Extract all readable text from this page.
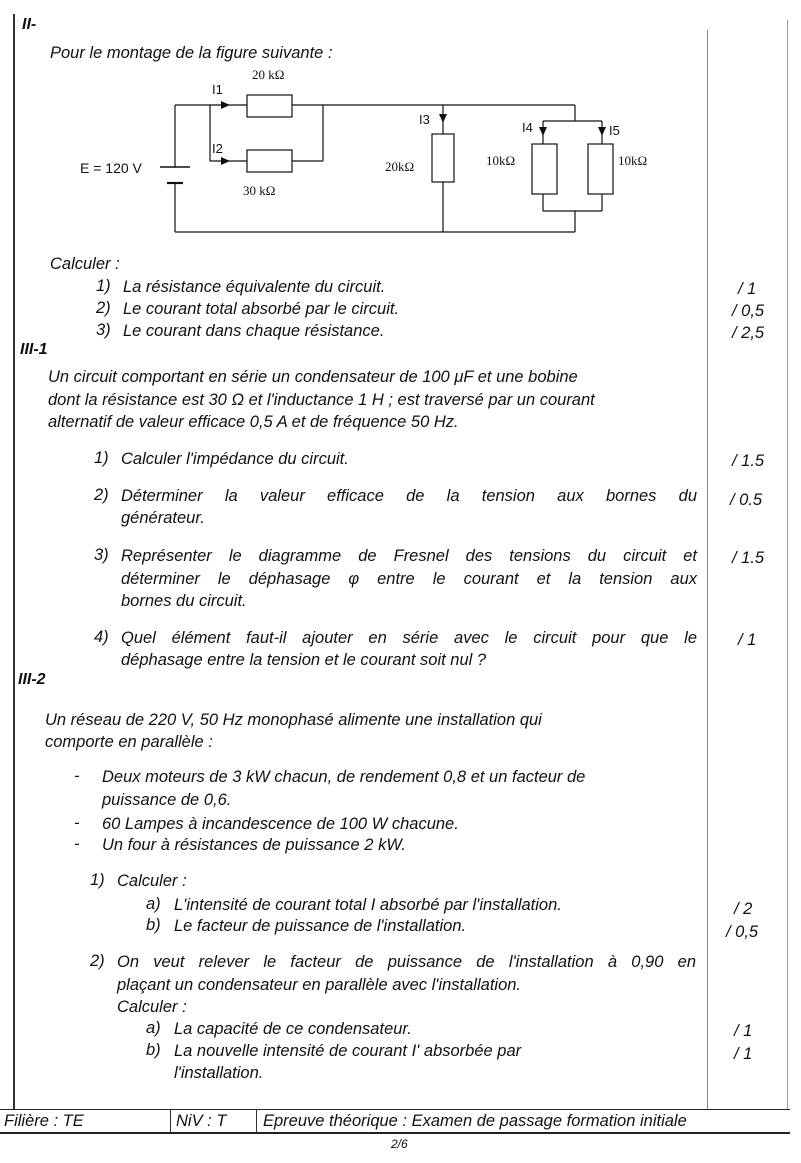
II-
Pour le montage de la figure suivante :
E = 120 V
I1
I2
I3
I4	I5
20 kΩ
30 kΩ
20kΩ	10kΩ	10kΩ
Calculer :
1) La résistance équivalente du circuit.	/ 1
2) Le courant total absorbé par le circuit.	/ 0,5
3) Le courant dans chaque résistance.	/ 2,5
III-1
Un circuit comportant en série un condensateur de 100 μF et une bobine
dont la résistance est 30 Ω et l'inductance 1 H ; est traversé par un courant
alternatif de valeur efficace 0,5 A et de fréquence 50 Hz.
1) Calculer l'impédance du circuit.	/ 1.5
2) Déterminer la valeur efficace de la tension aux bornes du
générateur.
/ 0.5
3) Représenter le diagramme de Fresnel des tensions du circuit et
déterminer le déphasage φ entre le courant et la tension aux
bornes du circuit.
/ 1.5
4) Quel élément faut-il ajouter en série avec le circuit pour que le
déphasage entre la tension et le courant soit nul ?
/ 1
III-2
Un réseau de 220 V, 50 Hz monophasé alimente une installation qui
comporte en parallèle :
- Deux moteurs de 3 kW chacun, de rendement 0,8 et un facteur de
puissance de 0,6.
- 60 Lampes à incandescence de 100 W chacune.
- Un four à résistances de puissance 2 kW.
1) Calculer :
a) L'intensité de courant total I absorbé par l'installation.	/ 2
b) Le facteur de puissance de l'installation.	/ 0,5
2) On veut relever le facteur de puissance de l'installation à 0,90 en
plaçant un condensateur en parallèle avec l'installation.
Calculer :
a) La capacité de ce condensateur.	/ 1
b) La nouvelle intensité de courant I' absorbée par
l'installation.
/ 1
Filière : TE	NiV : T Epreuve théorique : Examen de passage formation initiale
2/6
